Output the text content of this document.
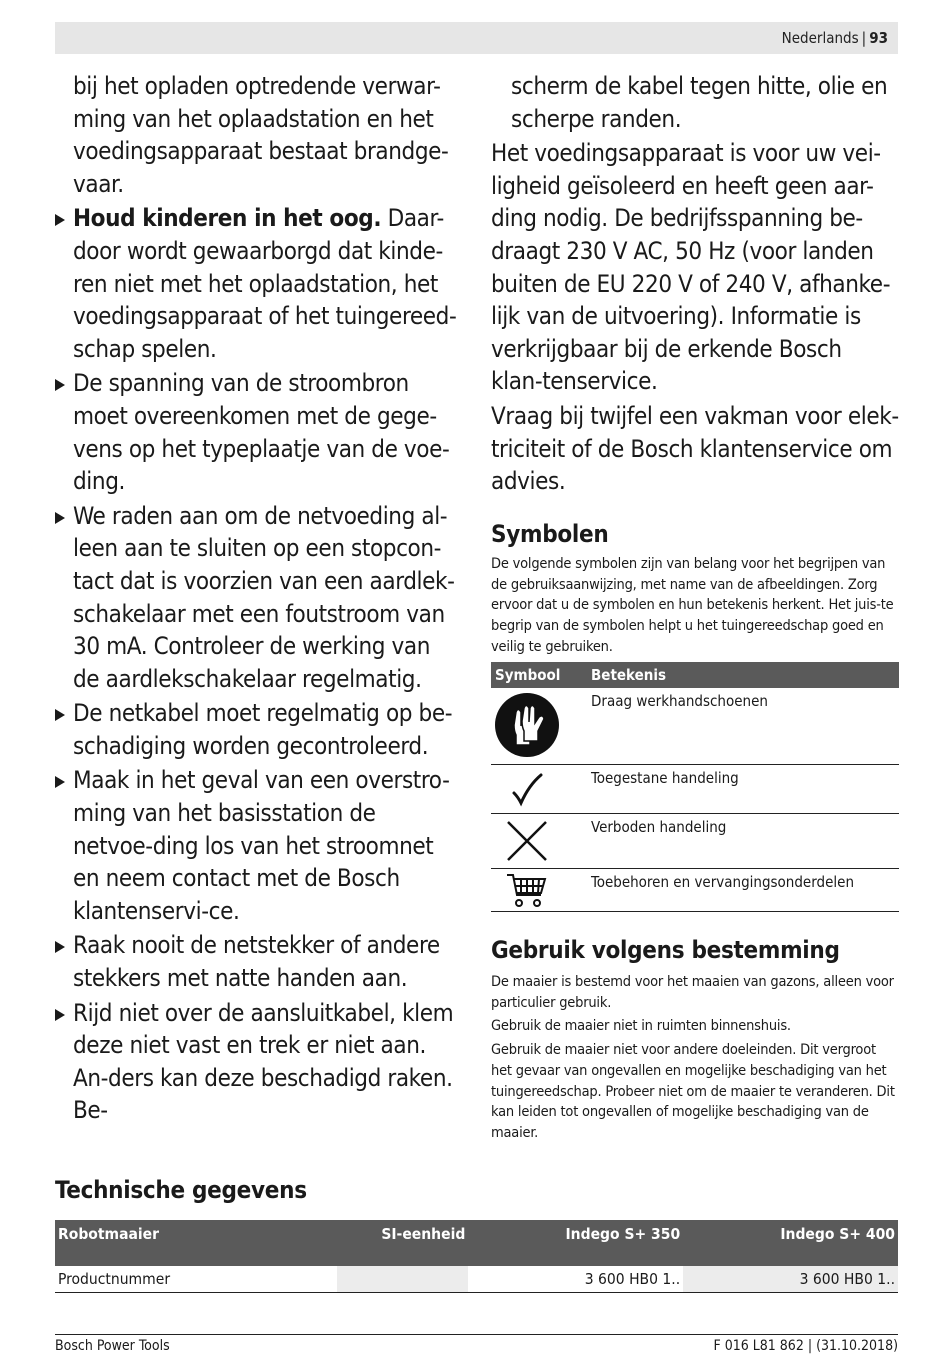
Nederlands | 93
bij het opladen optredende verwar-ming van het oplaadstation en het voedingsapparaat bestaat brandge-vaar.
Houd kinderen in het oog. Daar-door wordt gewaarborgd dat kinde-ren niet met het oplaadstation, het voedingsapparaat of het tuingereed-schap spelen.
De spanning van de stroombron moet overeenkomen met de gege-vens op het typeplaatje van de voe-ding.
We raden aan om de netvoeding al-leen aan te sluiten op een stopcon-tact dat is voorzien van een aardlek-schakelaar met een foutstroom van 30 mA. Controleer de werking van de aardlekschakelaar regelmatig.
De netkabel moet regelmatig op be-schadiging worden gecontroleerd.
Maak in het geval van een overstro-ming van het basisstation de netvoe-ding los van het stroomnet en neem contact met de Bosch klantenservi-ce.
Raak nooit de netstekker of andere stekkers met natte handen aan.
Rijd niet over de aansluitkabel, klem deze niet vast en trek er niet aan. An-ders kan deze beschadigd raken. Be-
scherm de kabel tegen hitte, olie en scherpe randen.
Het voedingsapparaat is voor uw vei-ligheid geïsoleerd en heeft geen aar-ding nodig. De bedrijfsspanning be-draagt 230 V AC, 50 Hz (voor landen buiten de EU 220 V of 240 V, afhanke-lijk van de uitvoering). Informatie is verkrijgbaar bij de erkende Bosch klan-tenservice.
Vraag bij twijfel een vakman voor elek-triciteit of de Bosch klantenservice om advies.
Symbolen
De volgende symbolen zijn van belang voor het begrijpen van de gebruiksaanwijzing, met name van de afbeeldingen. Zorg ervoor dat u de symbolen en hun betekenis herkent. Het juis-te begrip van de symbolen helpt u het tuingereedschap goed en veilig te gebruiken.
Symbool	Betekenis

	Draag werkhandschoenen

	Toegestane handeling

	Verboden handeling

	Toebehoren en vervangingsonderdelen
Gebruik volgens bestemming

De maaier is bestemd voor het maaien van gazons, alleen voor particulier gebruik.

Gebruik de maaier niet in ruimten binnenshuis.

Gebruik de maaier niet voor andere doeleinden. Dit vergroot het gevaar van ongevallen en mogelijke beschadiging van het tuingereedschap. Probeer niet om de maaier te veranderen. Dit kan leiden tot ongevallen of mogelijke beschadiging van de maaier.

Technische gegevens
Robotmaaier	SI-eenheid	Indego S+ 350	Indego S+ 400
Productnummer		3 600 HB0 1..	3 600 HB0 1..
Bosch Power Tools	F 016 L81 862 | (31.10.2018)
